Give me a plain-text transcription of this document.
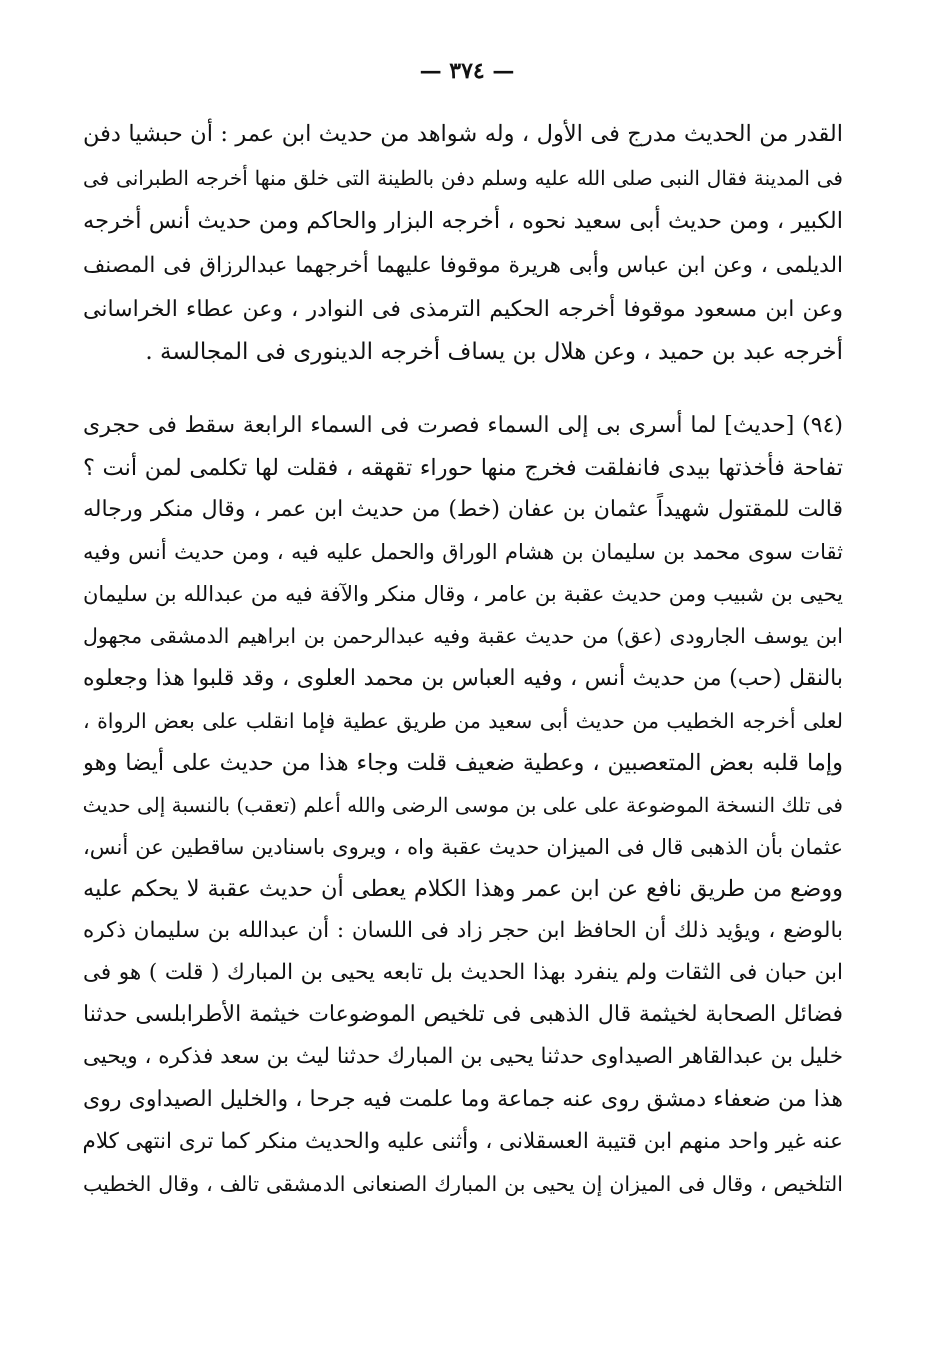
— ٣٧٤ —
القدر من الحديث مدرج فى الأول ، وله شواهد من حديث ابن عمر : أن حبشيا دفن
فى المدينة فقال النبى صلى الله عليه وسلم دفن بالطينة التى خلق منها أخرجه الطبرانى فى
الكبير ، ومن حديث أبى سعيد نحوه ، أخرجه البزار والحاكم ومن حديث أنس أخرجه
الديلمى ، وعن ابن عباس وأبى هريرة موقوفا عليهما أخرجهما عبدالرزاق فى المصنف
وعن ابن مسعود موقوفا أخرجه الحكيم الترمذى فى النوادر ، وعن عطاء الخراسانى
أخرجه عبد بن حميد ، وعن هلال بن يساف أخرجه الدينورى فى المجالسة .
(٩٤) [حديث] لما أسرى بى إلى السماء فصرت فى السماء الرابعة سقط فى حجرى
تفاحة فأخذتها بيدى فانفلقت فخرج منها حوراء تقهقه ، فقلت لها تكلمى لمن أنت ؟
قالت للمقتول شهيداً عثمان بن عفان (خط) من حديث ابن عمر ، وقال منكر ورجاله
ثقات سوى محمد بن سليمان بن هشام الوراق والحمل عليه فيه ، ومن حديث أنس وفيه
يحيى بن شبيب ومن حديث عقبة بن عامر ، وقال منكر والآفة فيه من عبدالله بن سليمان
ابن يوسف الجارودى (عق) من حديث عقبة وفيه عبدالرحمن بن ابراهيم الدمشقى مجهول
بالنقل (حب) من حديث أنس ، وفيه العباس بن محمد العلوى ، وقد قلبوا هذا وجعلوه
لعلى أخرجه الخطيب من حديث أبى سعيد من طريق عطية فإما انقلب على بعض الرواة ،
وإما قلبه بعض المتعصبين ، وعطية ضعيف قلت وجاء هذا من حديث على أيضا وهو
فى تلك النسخة الموضوعة على على بن موسى الرضى والله أعلم (تعقب) بالنسبة إلى حديث
عثمان بأن الذهبى قال فى الميزان حديث عقبة واه ، ويروى باسنادين ساقطين عن أنس،
ووضع من طريق نافع عن ابن عمر وهذا الكلام يعطى أن حديث عقبة لا يحكم عليه
بالوضع ، ويؤيد ذلك أن الحافظ ابن حجر زاد فى اللسان : أن عبدالله بن سليمان ذكره
ابن حبان فى الثقات ولم ينفرد بهذا الحديث بل تابعه يحيى بن المبارك ( قلت ) هو فى
فضائل الصحابة لخيثمة قال الذهبى فى تلخيص الموضوعات خيثمة الأطرابلسى حدثنا
خليل بن عبدالقاهر الصيداوى حدثنا يحيى بن المبارك حدثنا ليث بن سعد فذكره ، ويحيى
هذا من ضعفاء دمشق روى عنه جماعة وما علمت فيه جرحا ، والخليل الصيداوى روى
عنه غير واحد منهم ابن قتيبة العسقلانى ، وأثنى عليه والحديث منكر كما ترى انتهى كلام
التلخيص ، وقال فى الميزان إن يحيى بن المبارك الصنعانى الدمشقى تالف ، وقال الخطيب
